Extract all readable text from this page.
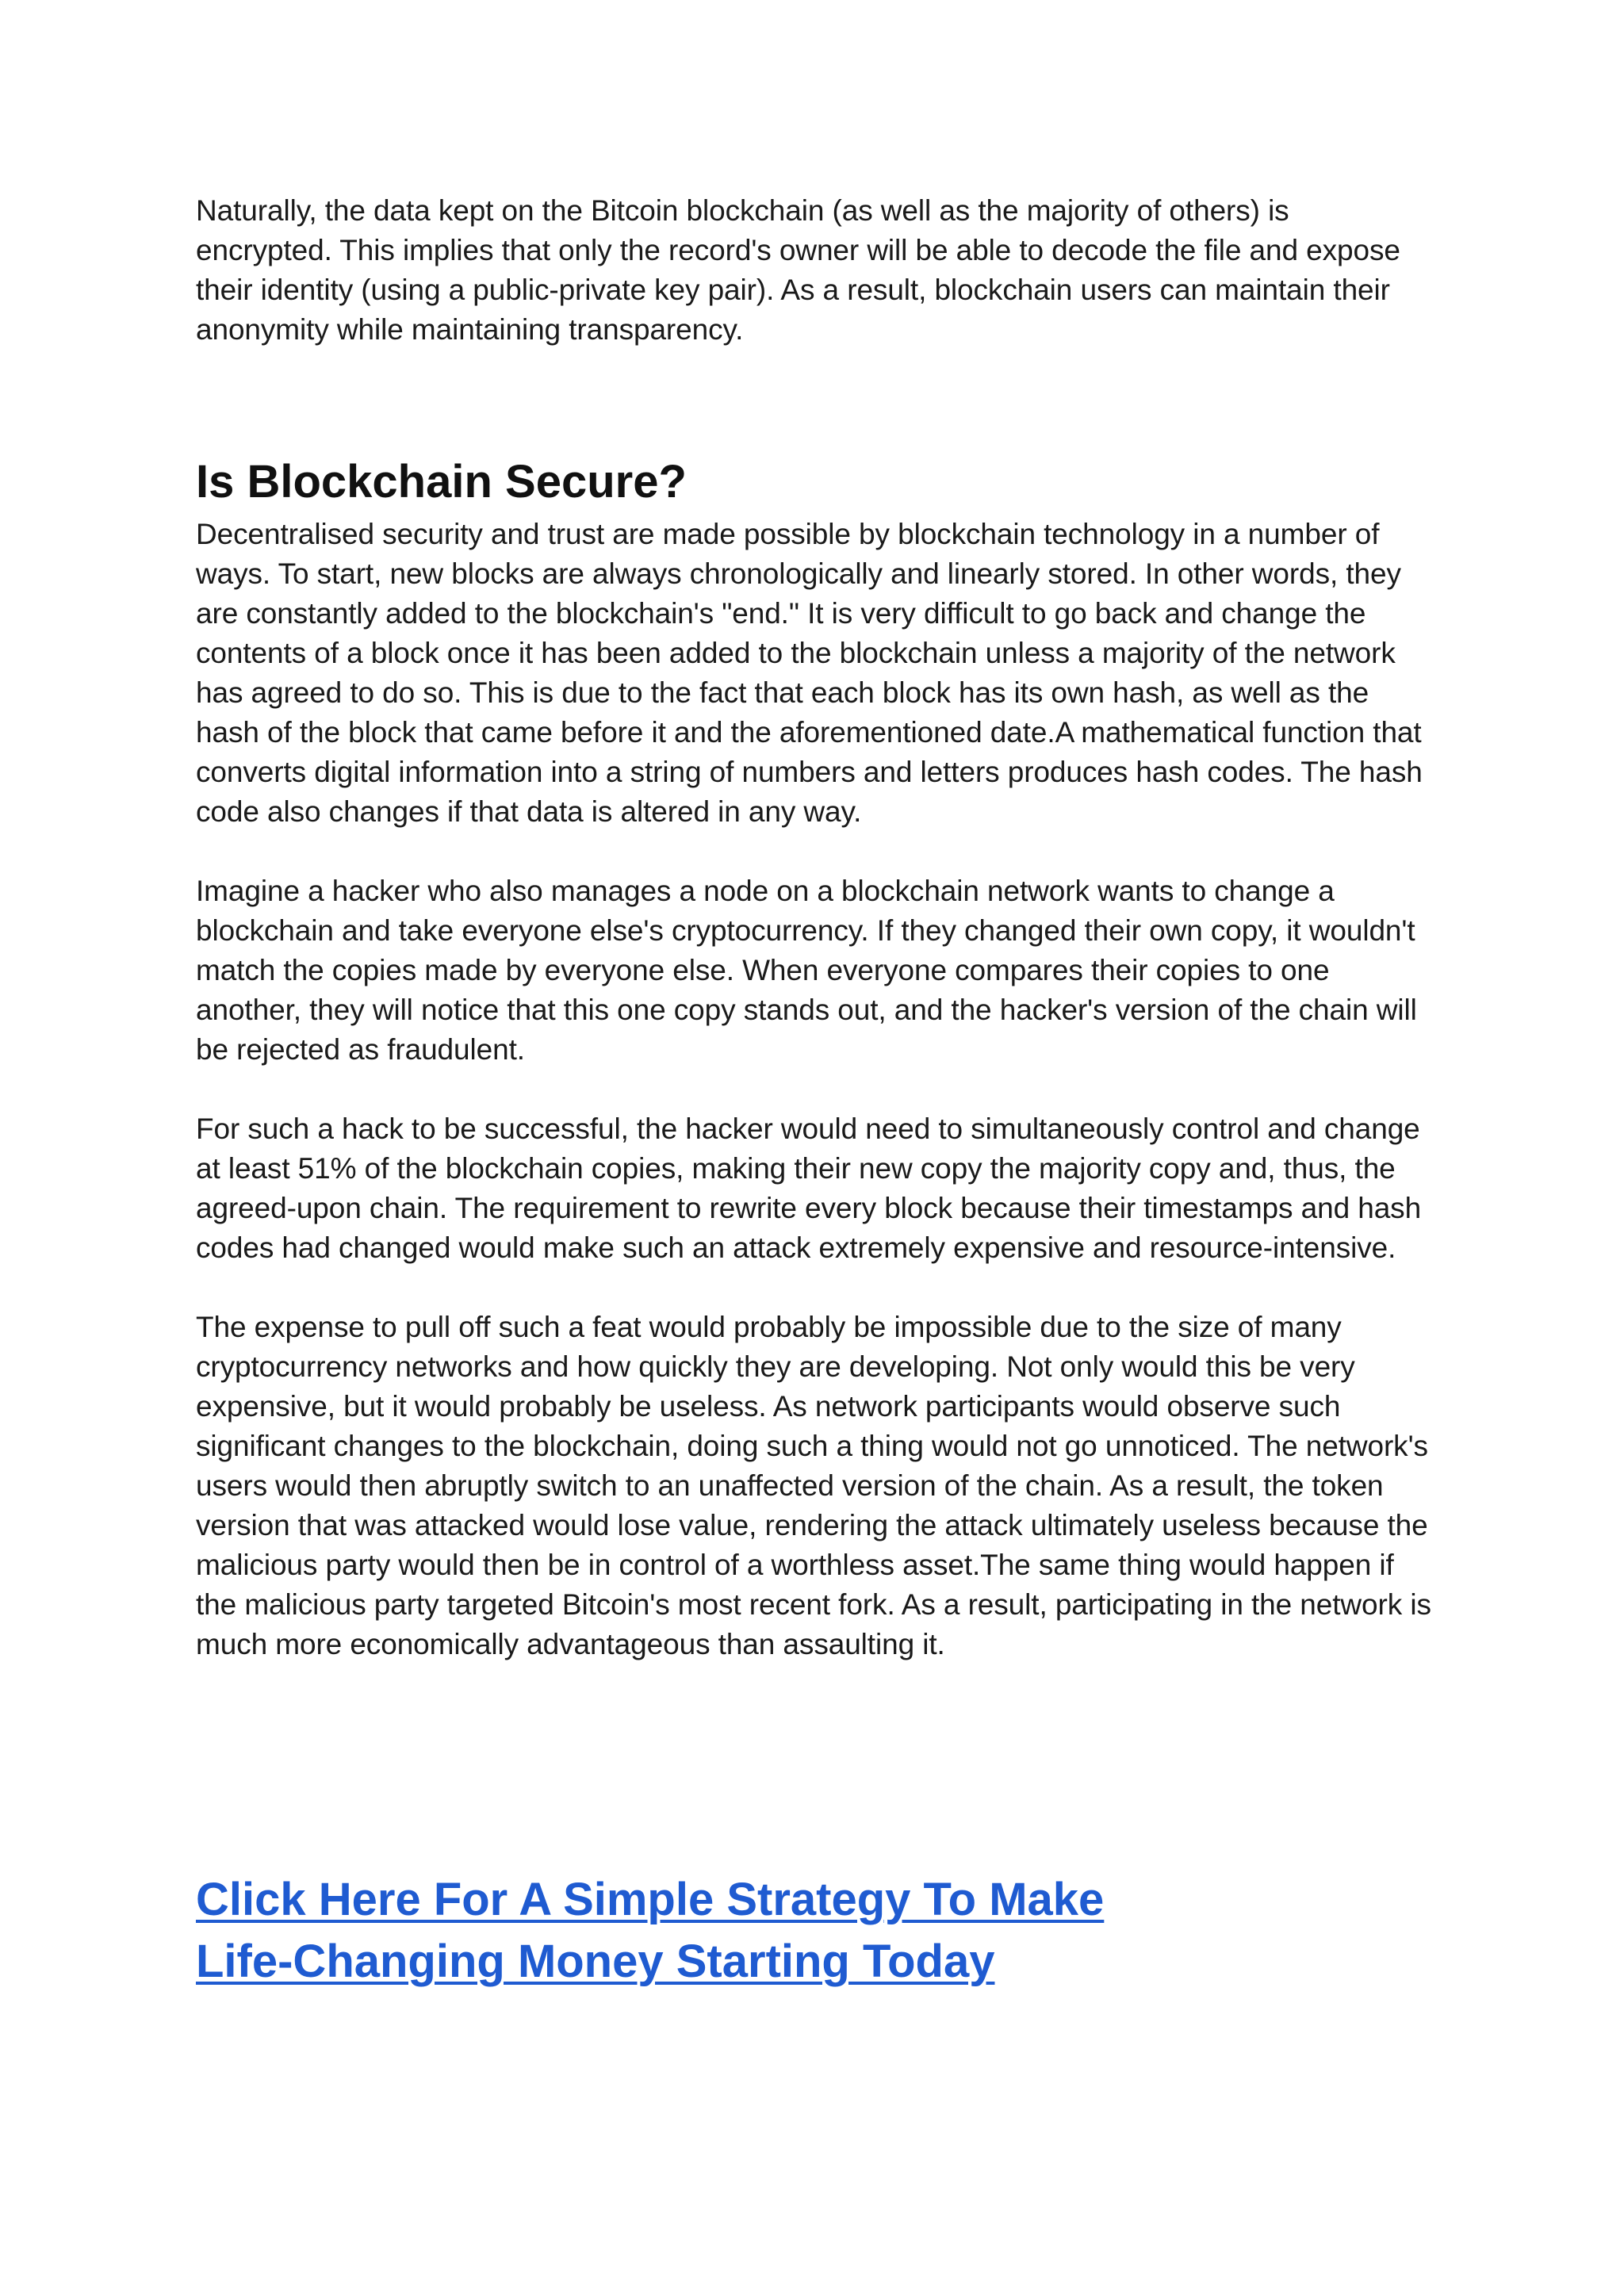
Naturally, the data kept on the Bitcoin blockchain (as well as the majority of others) is encrypted. This implies that only the record's owner will be able to decode the file and expose their identity (using a public-private key pair). As a result, blockchain users can maintain their anonymity while maintaining transparency.

Is Blockchain Secure?

Decentralised security and trust are made possible by blockchain technology in a number of ways. To start, new blocks are always chronologically and linearly stored. In other words, they are constantly added to the blockchain's "end." It is very difficult to go back and change the contents of a block once it has been added to the blockchain unless a majority of the network has agreed to do so. This is due to the fact that each block has its own hash, as well as the hash of the block that came before it and the aforementioned date.A mathematical function that converts digital information into a string of numbers and letters produces hash codes. The hash code also changes if that data is altered in any way.

Imagine a hacker who also manages a node on a blockchain network wants to change a blockchain and take everyone else's cryptocurrency. If they changed their own copy, it wouldn't match the copies made by everyone else. When everyone compares their copies to one another, they will notice that this one copy stands out, and the hacker's version of the chain will be rejected as fraudulent.

For such a hack to be successful, the hacker would need to simultaneously control and change at least 51% of the blockchain copies, making their new copy the majority copy and, thus, the agreed-upon chain. The requirement to rewrite every block because their timestamps and hash codes had changed would make such an attack extremely expensive and resource-intensive.

The expense to pull off such a feat would probably be impossible due to the size of many cryptocurrency networks and how quickly they are developing. Not only would this be very expensive, but it would probably be useless. As network participants would observe such significant changes to the blockchain, doing such a thing would not go unnoticed. The network's users would then abruptly switch to an unaffected version of the chain. As a result, the token version that was attacked would lose value, rendering the attack ultimately useless because the malicious party would then be in control of a worthless asset.The same thing would happen if the malicious party targeted Bitcoin's most recent fork. As a result, participating in the network is much more economically advantageous than assaulting it.

Click Here For A Simple Strategy To Make
Life-Changing Money Starting Today
